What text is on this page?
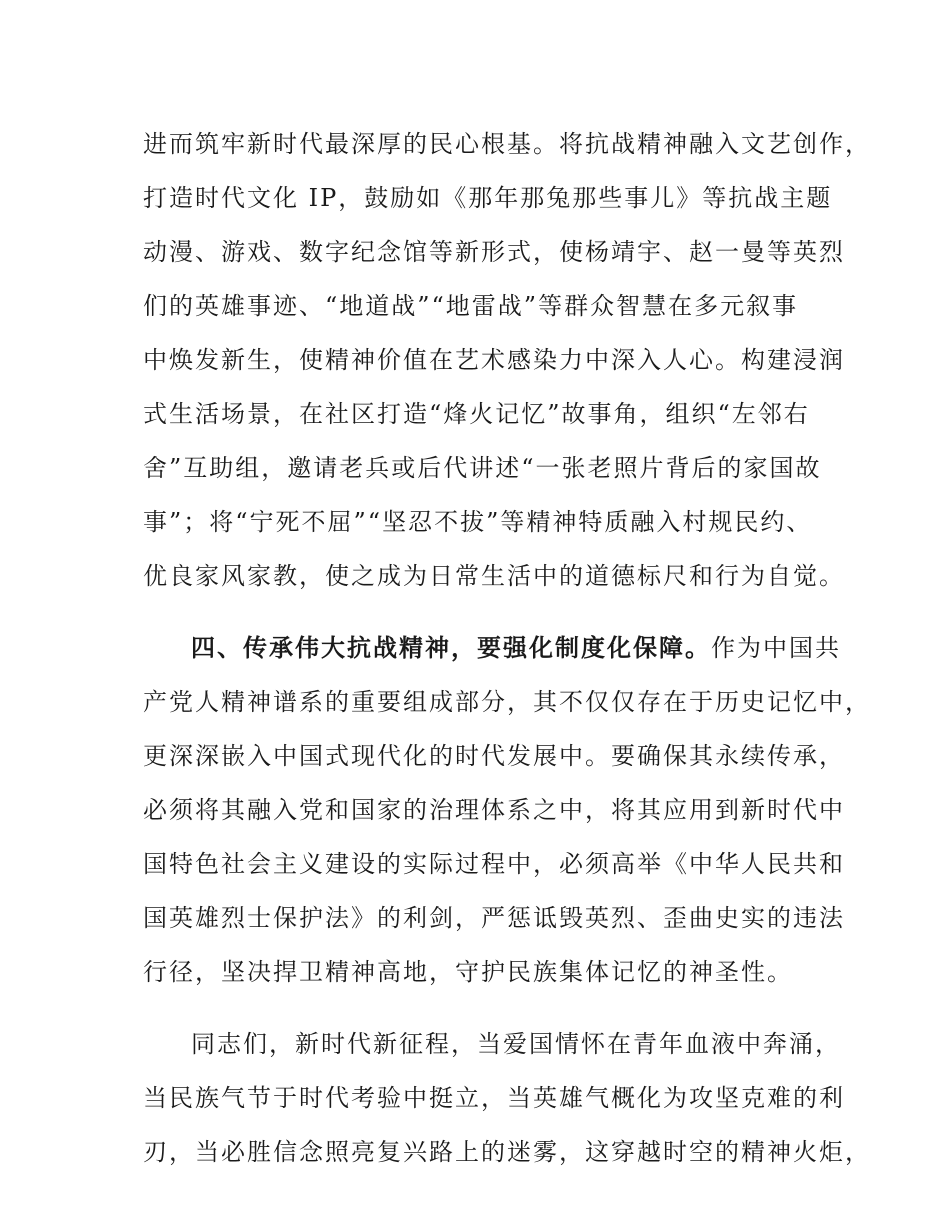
进而筑牢新时代最深厚的民心根基。将抗战精神融入文艺创作，
打造时代文化 IP，鼓励如《那年那兔那些事儿》等抗战主题
动漫、游戏、数字纪念馆等新形式，使杨靖宇、赵一曼等英烈
们的英雄事迹、“地道战”“地雷战”等群众智慧在多元叙事
中焕发新生，使精神价值在艺术感染力中深入人心。构建浸润
式生活场景，在社区打造“烽火记忆”故事角，组织“左邻右
舍”互助组，邀请老兵或后代讲述“一张老照片背后的家国故
事”；将“宁死不屈”“坚忍不拔”等精神特质融入村规民约、
优良家风家教，使之成为日常生活中的道德标尺和行为自觉。
四、传承伟大抗战精神，要强化制度化保障。作为中国共
产党人精神谱系的重要组成部分，其不仅仅存在于历史记忆中，
更深深嵌入中国式现代化的时代发展中。要确保其永续传承，
必须将其融入党和国家的治理体系之中，将其应用到新时代中
国特色社会主义建设的实际过程中，必须高举《中华人民共和
国英雄烈士保护法》的利剑，严惩诋毁英烈、歪曲史实的违法
行径，坚决捍卫精神高地，守护民族集体记忆的神圣性。
同志们，新时代新征程，当爱国情怀在青年血液中奔涌，
当民族气节于时代考验中挺立，当英雄气概化为攻坚克难的利
刃，当必胜信念照亮复兴路上的迷雾，这穿越时空的精神火炬，
